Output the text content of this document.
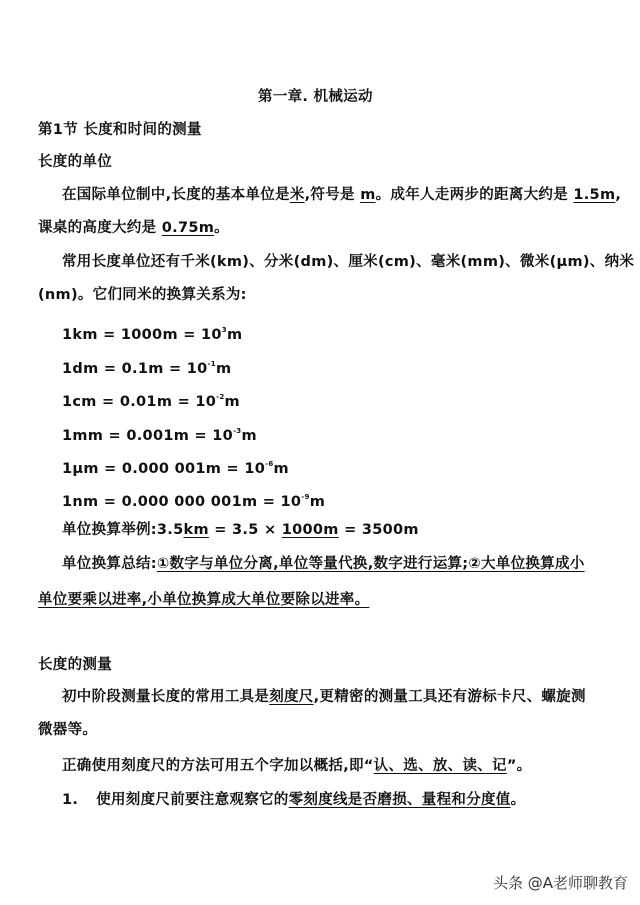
第一章. 机械运动
第1节 长度和时间的测量
长度的单位
在国际单位制中,长度的基本单位是米,符号是 m。成年人走两步的距离大约是 1.5m,
课桌的高度大约是 0.75m。
常用长度单位还有千米(km)、分米(dm)、厘米(cm)、毫米(mm)、微米(μm)、纳米
(nm)。它们同米的换算关系为:
$1km = 1000m = 10^3m$
$1dm = 0.1m = 10^{-1}m$
$1cm = 0.01m = 10^{-2}m$
$1mm = 0.001m = 10^{-3}m$
1μm = 0.000 $001m = 10^{-6}m$
1nm = 0.000 000 $001m = 10^{-9}m$
单位换算举例:3.5km = 3.5 × 1000m = 3500m
单位换算总结:①数字与单位分离,单位等量代换,数字进行运算;②大单位换算成小
单位要乘以进率,小单位换算成大单位要除以进率。
长度的测量
初中阶段测量长度的常用工具是刻度尺,更精密的测量工具还有游标卡尺、螺旋测
微器等。
正确使用刻度尺的方法可用五个字加以概括,即“认、选、放、读、记”。
1. 使用刻度尺前要注意观察它的零刻度线是否磨损、量程和分度值。
头条 @A老师聊教育
